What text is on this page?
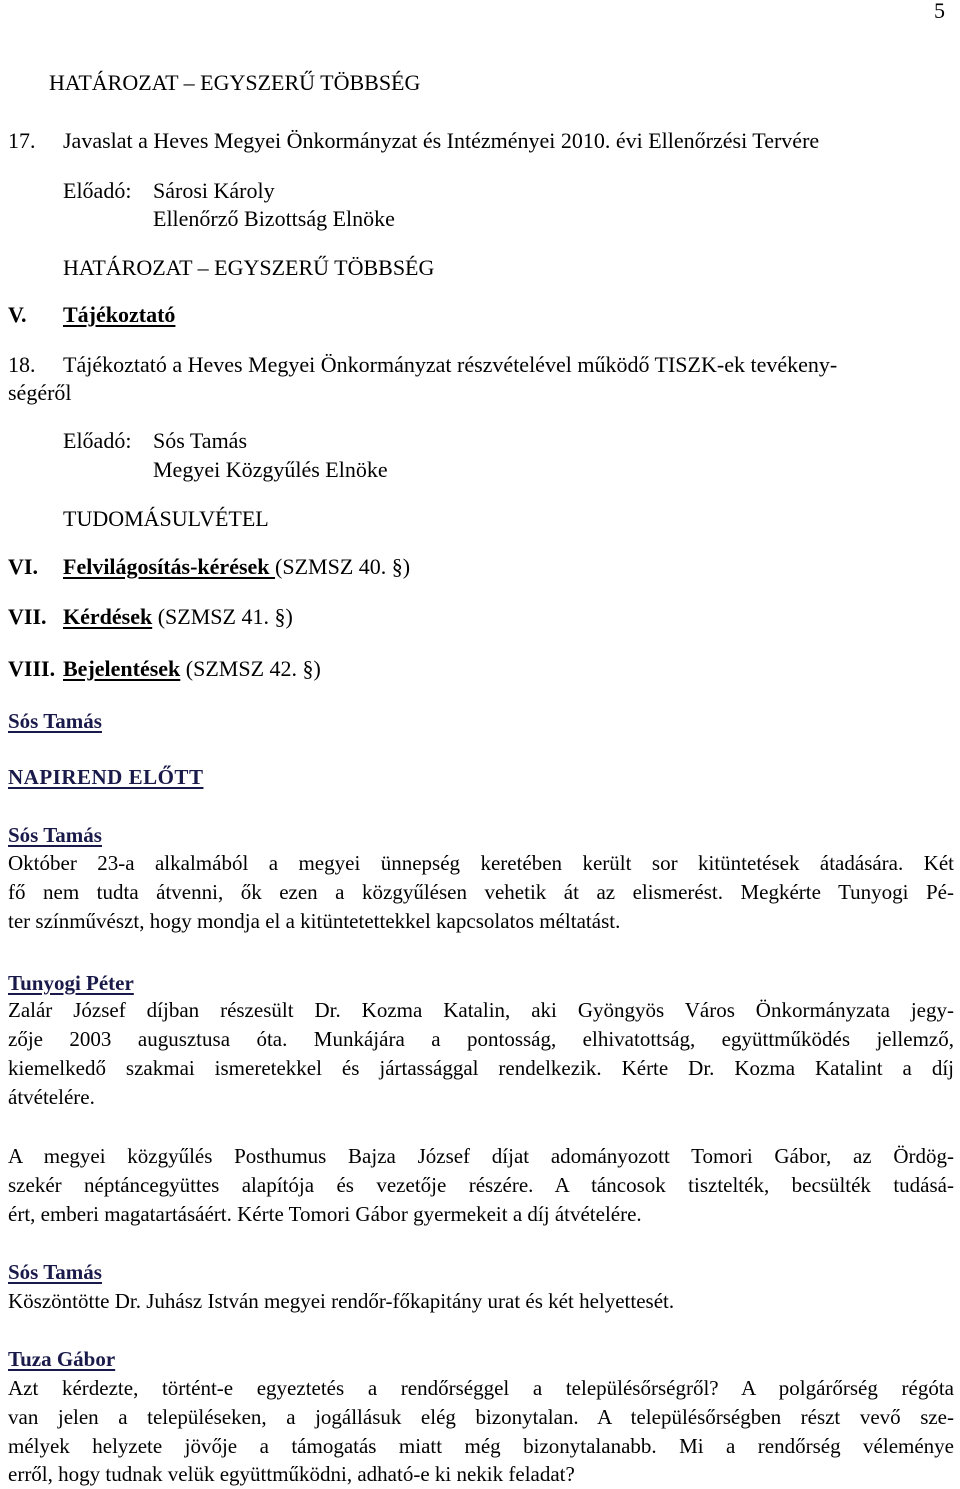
5
HATÁROZAT – EGYSZERŰ TÖBBSÉG
17. Javaslat a Heves Megyei Önkormányzat és Intézményei 2010. évi Ellenőrzési Tervére
Előadó: Sárosi Károly
Ellenőrző Bizottság Elnöke
HATÁROZAT – EGYSZERŰ TÖBBSÉG
V. Tájékoztató
18. Tájékoztató a Heves Megyei Önkormányzat részvételével működő TISZK-ek tevékeny-
ségéről
Előadó: Sós Tamás
Megyei Közgyűlés Elnöke
TUDOMÁSULVÉTEL
VI. Felvilágosítás-kérések (SZMSZ 40. §)
VII. Kérdések (SZMSZ 41. §)
VIII. Bejelentések (SZMSZ 42. §)
Sós Tamás
NAPIREND ELŐTT
Sós Tamás
Október 23-a alkalmából a megyei ünnepség keretében került sor kitüntetések átadására. Két
fő nem tudta átvenni, ők ezen a közgyűlésen vehetik át az elismerést. Megkérte Tunyogi Pé-
ter színművészt, hogy mondja el a kitüntetettekkel kapcsolatos méltatást.
Tunyogi Péter
Zalár József díjban részesült Dr. Kozma Katalin, aki Gyöngyös Város Önkormányzata jegy-
zője 2003 augusztusa óta. Munkájára a pontosság, elhivatottság, együttműködés jellemző,
kiemelkedő szakmai ismeretekkel és jártassággal rendelkezik. Kérte Dr. Kozma Katalint a díj
átvételére.
A megyei közgyűlés Posthumus Bajza József díjat adományozott Tomori Gábor, az Ördög-
szekér néptáncegyüttes alapítója és vezetője részére. A táncosok tisztelték, becsülték tudásá-
ért, emberi magatartásáért. Kérte Tomori Gábor gyermekeit a díj átvételére.
Sós Tamás
Köszöntötte Dr. Juhász István megyei rendőr-főkapitány urat és két helyettesét.
Tuza Gábor
Azt kérdezte, történt-e egyeztetés a rendőrséggel a településőrségről? A polgárőrség régóta
van jelen a településeken, a jogállásuk elég bizonytalan. A településőrségben részt vevő sze-
mélyek helyzete jövője a támogatás miatt még bizonytalanabb. Mi a rendőrség véleménye
erről, hogy tudnak velük együttműködni, adható-e ki nekik feladat?
